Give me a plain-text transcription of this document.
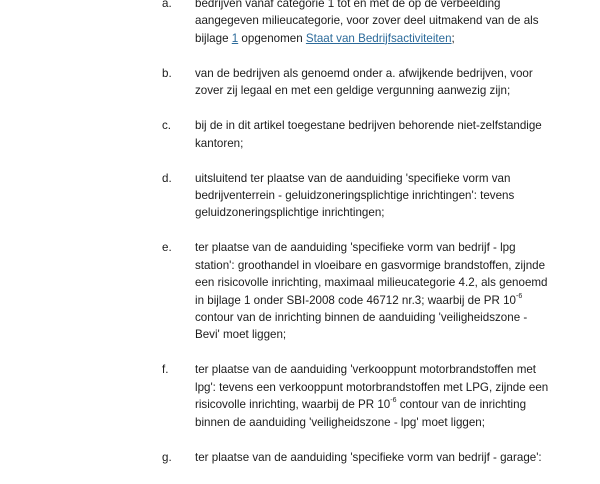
a. bedrijven vanaf categorie 1 tot en met de op de verbeelding aangegeven milieucategorie, voor zover deel uitmakend van de als bijlage 1 opgenomen Staat van Bedrijfsactiviteiten;

b. van de bedrijven als genoemd onder a. afwijkende bedrijven, voor zover zij legaal en met een geldige vergunning aanwezig zijn;

c. bij de in dit artikel toegestane bedrijven behorende niet-zelfstandige kantoren;

d. uitsluitend ter plaatse van de aanduiding 'specifieke vorm van bedrijventerrein - geluidzoneringsplichtige inrichtingen': tevens geluidzoneringsplichtige inrichtingen;

e. ter plaatse van de aanduiding 'specifieke vorm van bedrijf - lpg station': groothandel in vloeibare en gasvormige brandstoffen, zijnde een risicovolle inrichting, maximaal milieucategorie 4.2, als genoemd in bijlage 1 onder SBI-2008 code 46712 nr.3; waarbij de PR $10^{-6}$ contour van de inrichting binnen de aanduiding 'veiligheidszone - Bevi' moet liggen;

f. ter plaatse van de aanduiding 'verkooppunt motorbrandstoffen met lpg': tevens een verkooppunt motorbrandstoffen met LPG, zijnde een risicovolle inrichting, waarbij de PR $10^{-6}$ contour van de inrichting binnen de aanduiding 'veiligheidszone - lpg' moet liggen;

g. ter plaatse van de aanduiding 'specifieke vorm van bedrijf - garage':
